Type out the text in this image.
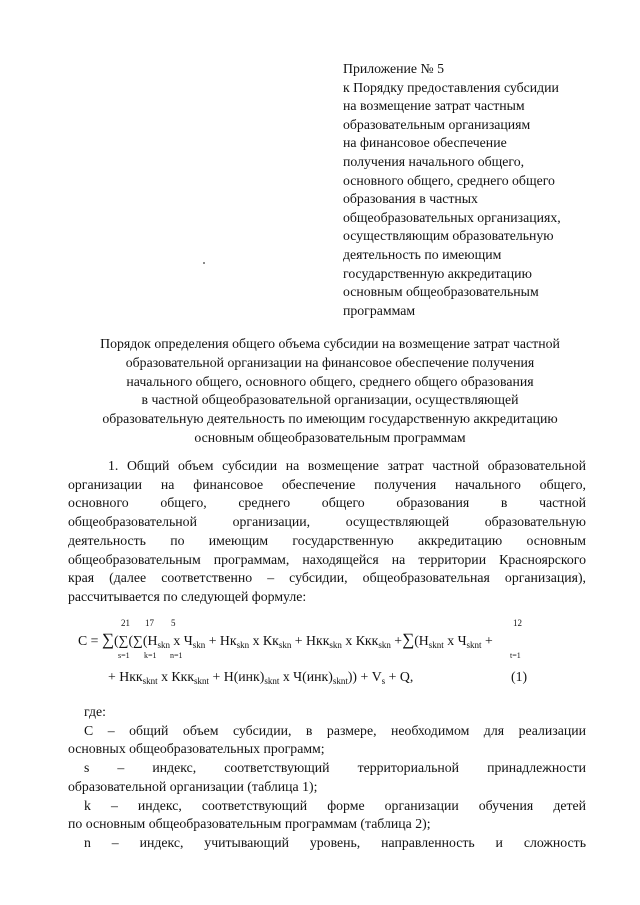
Приложение № 5
к Порядку предоставления субсидии
на возмещение затрат частным
образовательным организациям
на финансовое обеспечение
получения начального общего,
основного общего, среднего общего
образования в частных
общеобразовательных организациях,
осуществляющим образовательную
деятельность по имеющим
государственную аккредитацию
основным общеобразовательным
программам
Порядок определения общего объема субсидии на возмещение затрат частной
образовательной организации на финансовое обеспечение получения
начального общего, основного общего, среднего общего образования
в частной общеобразовательной организации, осуществляющей
образовательную деятельность по имеющим государственную аккредитацию
основным общеобразовательным программам
1. Общий объем субсидии на возмещение затрат частной образовательной
организации на финансовое обеспечение получения начального общего,
основного общего, среднего общего образования в частной
общеобразовательной организации, осуществляющей образовательную
деятельность по имеющим государственную аккредитацию основным
общеобразовательным программам, находящейся на территории Красноярского
края (далее соответственно – субсидии, общеобразовательная организация),
рассчитывается по следующей формуле:
21 17 5	12
$C = \sum(\sum(\sum(Н_{skn}$ x $Ч_{skn} + Нк_{skn}$ x $Кк_{skn} + Нкк_{skn}$ x $Ккк_{skn} +\sum(Н_{sknt}$ x $Ч_{sknt}$ +
s=1 k=1 n=1	t=1
+ Нкк$_{sknt}$ x $Ккк_{sknt} + Н(инк)_{sknt}$ x $Ч(инк)_{sknt})) + V_s + Q$,	(1)
где:
С – общий объем субсидии, в размере, необходимом для реализации
основных общеобразовательных программ;
s – индекс, соответствующий территориальной принадлежности
образовательной организации (таблица 1);
k – индекс, соответствующий форме организации обучения детей
по основным общеобразовательным программам (таблица 2);
n – индекс, учитывающий уровень, направленность и сложность
